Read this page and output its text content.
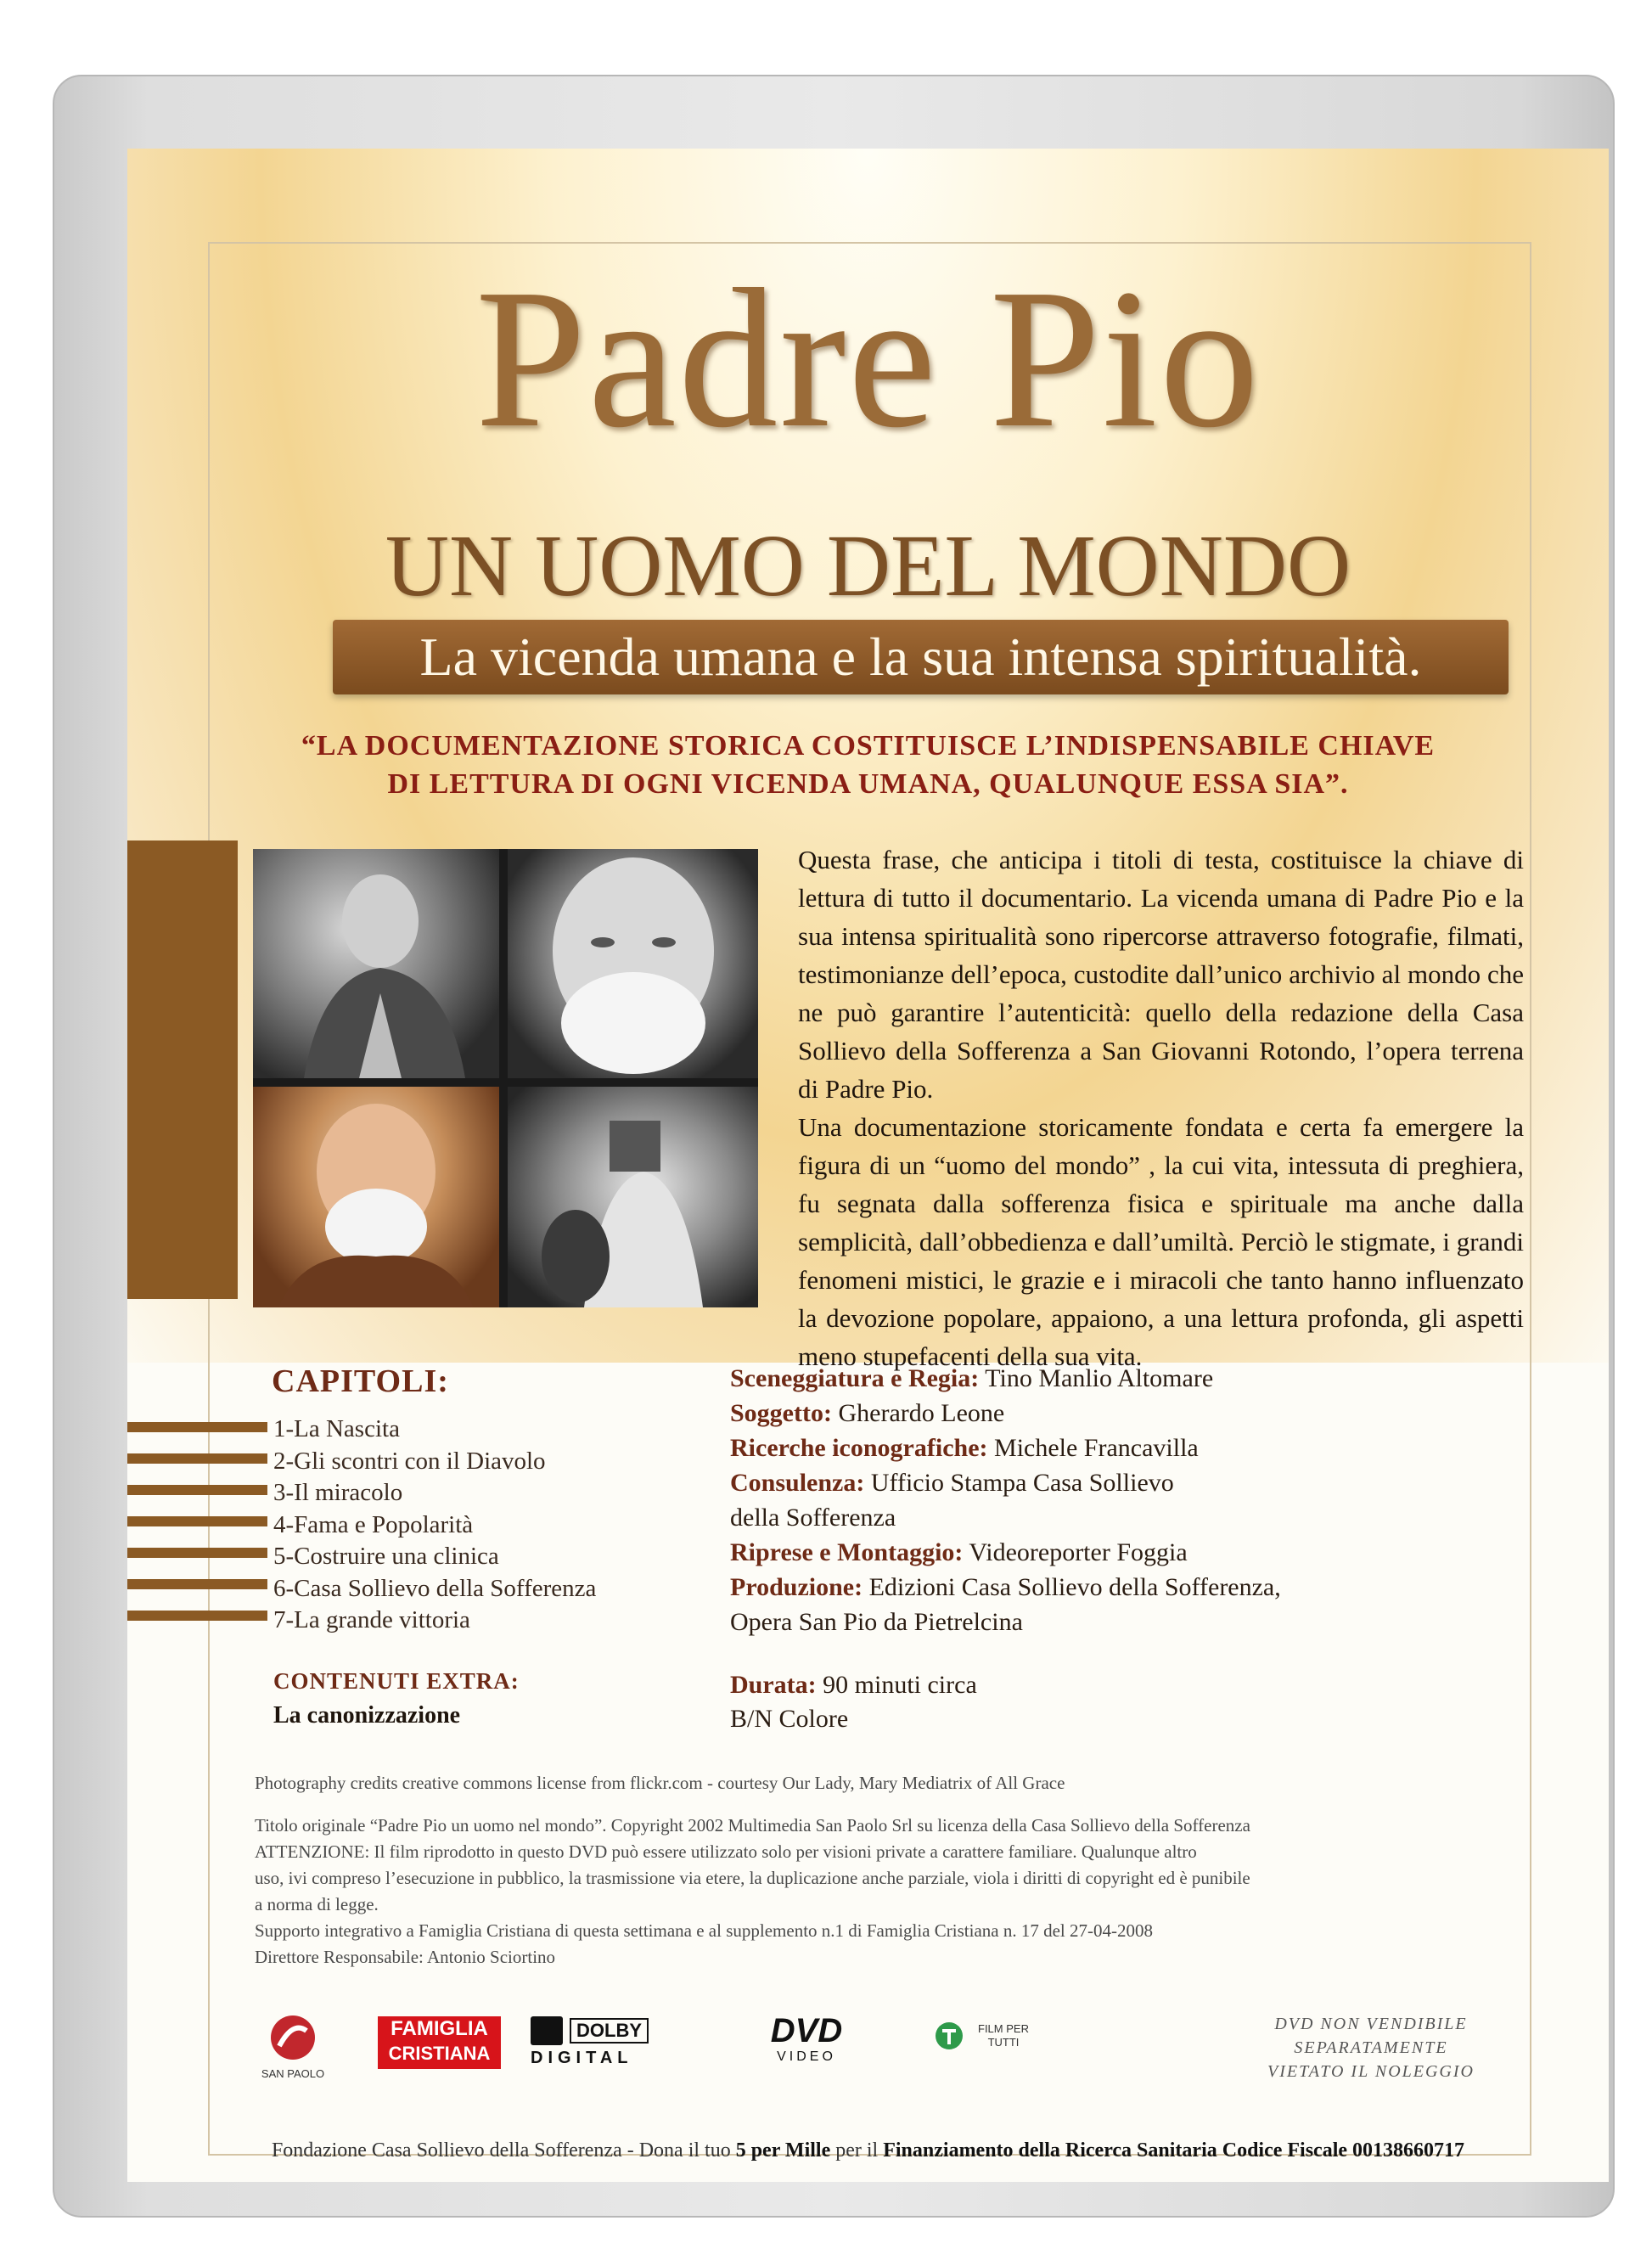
Padre Pio
UN UOMO DEL MONDO
La vicenda umana e la sua intensa spiritualità.
“LA DOCUMENTAZIONE STORICA COSTITUISCE L’INDISPENSABILE CHIAVE
DI LETTURA DI OGNI VICENDA UMANA, QUALUNQUE ESSA SIA”.

Questa frase, che anticipa i titoli di testa, costituisce la chiave di lettura di tutto il documentario. La vicenda umana di Padre Pio e la sua intensa spiritualità sono ripercorse attraverso fotografie, filmati, testimonianze dell’epoca, custodite dall’unico archivio al mondo che ne può garantire l’autenticità: quello della redazione della Casa Sollievo della Sofferenza a San Giovanni Rotondo, l’opera terrena di Padre Pio.

Una documentazione storicamente fondata e certa fa emergere la figura di un “uomo del mondo” , la cui vita, intessuta di preghiera, fu segnata dalla sofferenza fisica e spirituale ma anche dalla semplicità, dall’obbedienza e dall’umiltà. Perciò le stigmate, i grandi fenomeni mistici, le grazie e i miracoli che tanto hanno influenzato la devozione popolare, appaiono, a una lettura profonda, gli aspetti meno stupefacenti della sua vita.

CAPITOLI:
1-La Nascita
2-Gli scontri con il Diavolo
3-Il miracolo
4-Fama e Popolarità
5-Costruire una clinica
6-Casa Sollievo della Sofferenza
7-La grande vittoria
CONTENUTI EXTRA:
La canonizzazione
Sceneggiatura e Regia: Tino Manlio Altomare
Soggetto: Gherardo Leone
Ricerche iconografiche: Michele Francavilla
Consulenza: Ufficio Stampa Casa Sollievo
della Sofferenza
Riprese e Montaggio: Videoreporter Foggia
Produzione: Edizioni Casa Sollievo della Sofferenza,
Opera San Pio da Pietrelcina
Durata: 90 minuti circa
B/N Colore
Photography credits creative commons license from flickr.com - courtesy Our Lady, Mary Mediatrix of All Grace
Titolo originale “Padre Pio un uomo nel mondo”. Copyright 2002 Multimedia San Paolo Srl su licenza della Casa Sollievo della Sofferenza
ATTENZIONE: Il film riprodotto in questo DVD può essere utilizzato solo per visioni private a carattere familiare. Qualunque altro
uso, ivi compreso l’esecuzione in pubblico, la trasmissione via etere, la duplicazione anche parziale, viola i diritti di copyright ed è punibile
a norma di legge.
Supporto integrativo a Famiglia Cristiana di questa settimana e al supplemento n.1 di Famiglia Cristiana n. 17 del 27-04-2008
Direttore Responsabile: Antonio Sciortino
SAN PAOLO
FAMIGLIA
CRISTIANA
DOLBY
DIGITAL
DVD
VIDEO
FILM PER
TUTTI
DVD NON VENDIBILE
SEPARATAMENTE
VIETATO IL NOLEGGIO
Fondazione Casa Sollievo della Sofferenza - Dona il tuo 5 per Mille per il Finanziamento della Ricerca Sanitaria Codice Fiscale 00138660717
